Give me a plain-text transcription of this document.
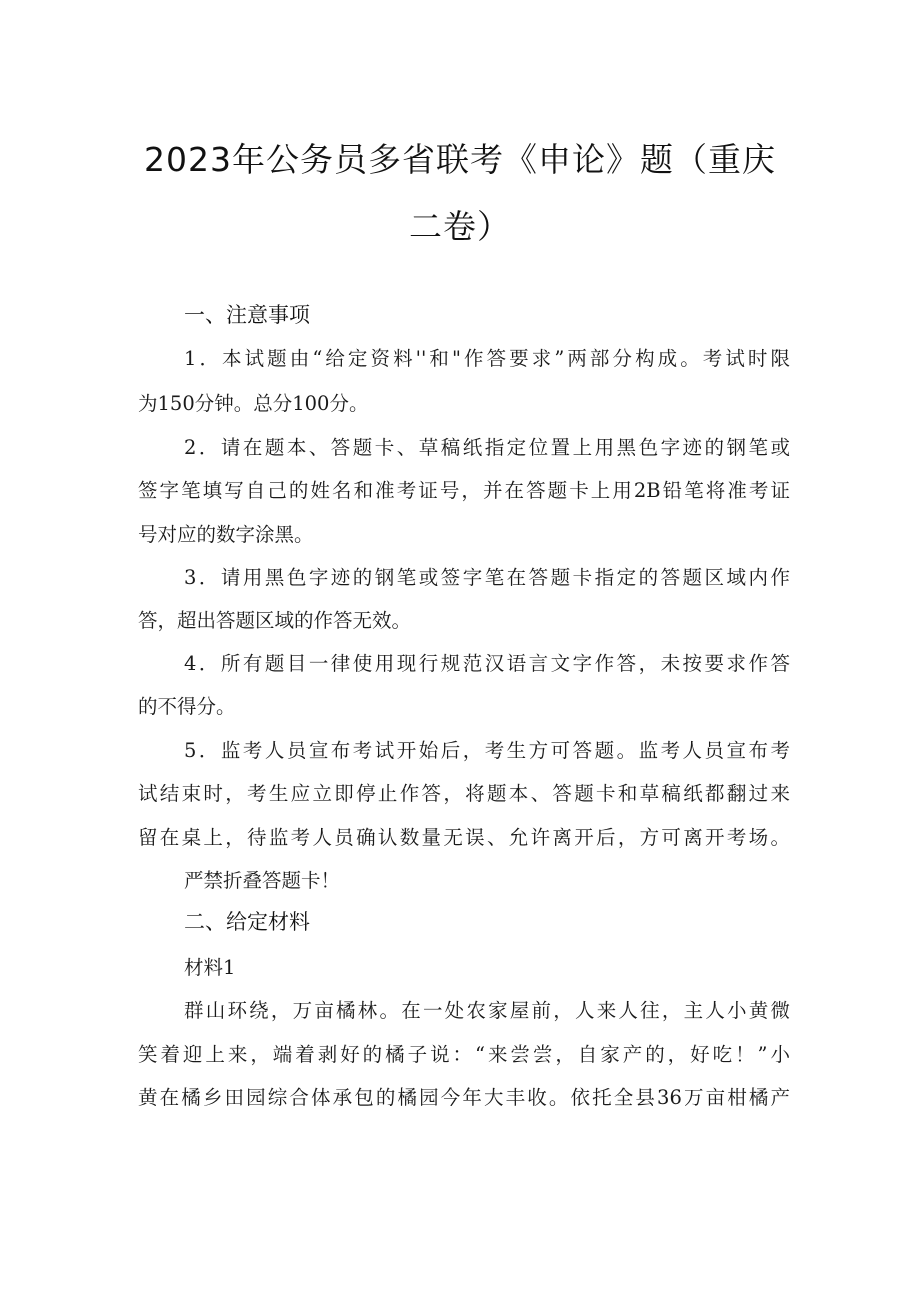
2023年公务员多省联考《申论》题（重庆
二卷）
一、注意事项
1．本试题由“给定资料''和"作答要求”两部分构成。考试时限
为150分钟。总分100分。
2．请在题本、答题卡、草稿纸指定位置上用黑色字迹的钢笔或
签字笔填写自己的姓名和准考证号，并在答题卡上用2B铅笔将准考证
号对应的数字涂黑。
3．请用黑色字迹的钢笔或签字笔在答题卡指定的答题区域内作
答，超出答题区域的作答无效。
4．所有题目一律使用现行规范汉语言文字作答，未按要求作答
的不得分。
5．监考人员宣布考试开始后，考生方可答题。监考人员宣布考
试结束时，考生应立即停止作答，将题本、答题卡和草稿纸都翻过来
留在桌上，待监考人员确认数量无误、允许离开后，方可离开考场。
严禁折叠答题卡！
二、给定材料
材料1
群山环绕，万亩橘林。在一处农家屋前，人来人往，主人小黄微
笑着迎上来，端着剥好的橘子说：“来尝尝，自家产的，好吃！”小
黄在橘乡田园综合体承包的橘园今年大丰收。依托全县36万亩柑橘产
